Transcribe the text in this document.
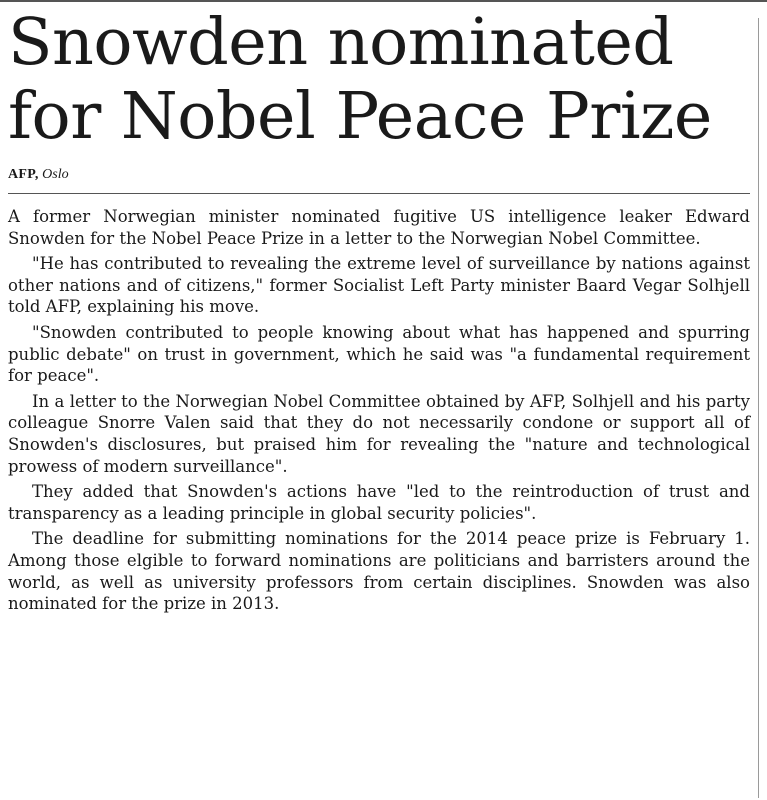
Snowden nominated
for Nobel Peace Prize
AFP, Oslo

A former Norwegian minister nominated fugitive US intelligence leaker Edward Snowden for the Nobel Peace Prize in a letter to the Norwegian Nobel Committee.

"He has contributed to revealing the extreme level of surveillance by nations against other nations and of citizens," former Socialist Left Party minister Baard Vegar Solhjell told AFP, explaining his move.

"Snowden contributed to people knowing about what has happened and spurring public debate" on trust in government, which he said was "a fundamental requirement for peace".

In a letter to the Norwegian Nobel Committee obtained by AFP, Solhjell and his party colleague Snorre Valen said that they do not necessarily condone or support all of Snowden's disclosures, but praised him for revealing the "nature and technological prowess of modern surveillance".

They added that Snowden's actions have "led to the reintroduction of trust and transparency as a leading principle in global security policies".

The deadline for submitting nominations for the 2014 peace prize is February 1. Among those elgible to forward nominations are politicians and barristers around the world, as well as university professors from certain disciplines. Snowden was also nominated for the prize in 2013.
